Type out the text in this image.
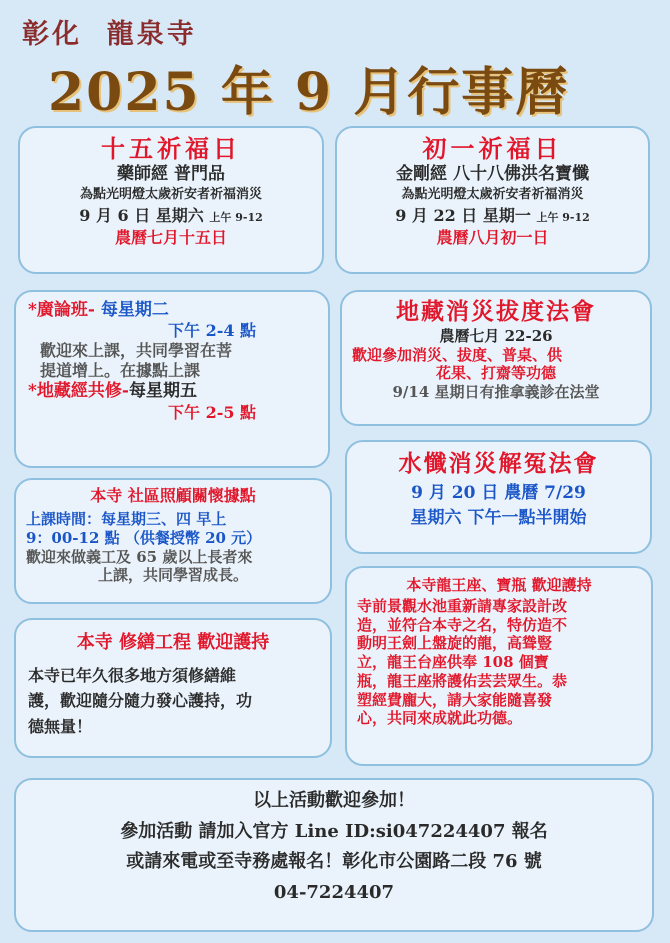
彰化  龍泉寺
2025 年 9 月行事曆
十五祈福日
藥師經 普門品
為點光明燈太歲祈安者祈福消災
9 月 6 日 星期六 上午 9-12
農曆七月十五日
初一祈福日
金剛經 八十八佛洪名寶懺
為點光明燈太歲祈安者祈福消災
9 月 22 日 星期一 上午 9-12
農曆八月初一日
*廣論班- 每星期二
下午 2-4 點
歡迎來上課，共同學習在菩
提道增上。在據點上課
*地藏經共修-每星期五
下午 2-5 點
地藏消災拔度法會
農曆七月 22-26
歡迎參加消災、拔度、普桌、供
花果、打齋等功德
9/14 星期日有推拿義診在法堂
水懺消災解冤法會
9 月 20 日 農曆 7/29
星期六 下午一點半開始
本寺 社區照顧關懷據點
上課時間：每星期三、四 早上
9：00-12 點 （供餐授幣 20 元）
歡迎來做義工及 65 歲以上長者來
上課，共同學習成長。
本寺龍王座、寶瓶 歡迎護持
寺前景觀水池重新請專家設計改
造，並符合本寺之名，特仿造不
動明王劍上盤旋的龍，高聳豎
立，龍王台座供奉 108 個寶
瓶，龍王座將護佑芸芸眾生。恭
塑經費龐大，請大家能隨喜發
心，共同來成就此功德。
本寺 修繕工程 歡迎護持
本寺已年久很多地方須修繕維
護，歡迎隨分隨力發心護持，功
德無量！
以上活動歡迎參加！
參加活動 請加入官方 Line ID:si047224407 報名
或請來電或至寺務處報名！彰化市公園路二段 76 號
04-7224407
